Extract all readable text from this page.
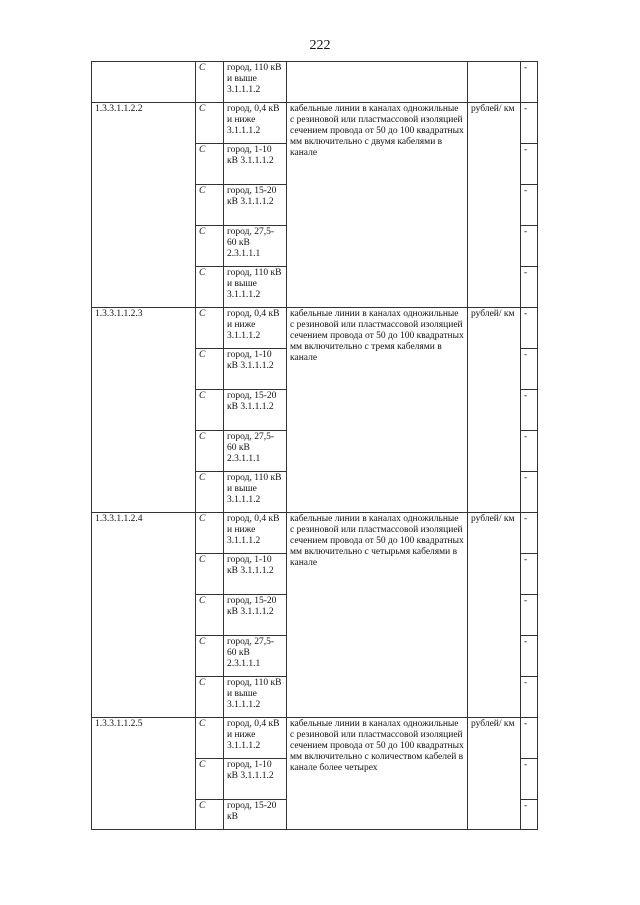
222
	C	город, 110 кВ и выше 3.1.1.1.2			-
1.3.3.1.1.2.2	C	город, 0,4 кВ и ниже 3.1.1.1.2	кабельные линии в каналах одножильные с резиновой или пластмассовой изоляцией сечением провода от 50 до 100 квадратных мм включительно с двумя кабелями в канале	рублей/ км	-
	C	город, 1-10 кВ 3.1.1.1.2			-
	C	город, 15-20 кВ 3.1.1.1.2			-
	C	город, 27,5-60 кВ 2.3.1.1.1			-
	C	город, 110 кВ и выше 3.1.1.1.2			-
1.3.3.1.1.2.3	C	город, 0,4 кВ и ниже 3.1.1.1.2	кабельные линии в каналах одножильные с резиновой или пластмассовой изоляцией сечением провода от 50 до 100 квадратных мм включительно с тремя кабелями в канале	рублей/ км	-
	C	город, 1-10 кВ 3.1.1.1.2			-
	C	город, 15-20 кВ 3.1.1.1.2			-
	C	город, 27,5-60 кВ 2.3.1.1.1			-
	C	город, 110 кВ и выше 3.1.1.1.2			-
1.3.3.1.1.2.4	C	город, 0,4 кВ и ниже 3.1.1.1.2	кабельные линии в каналах одножильные с резиновой или пластмассовой изоляцией сечением провода от 50 до 100 квадратных мм включительно с четырьмя кабелями в канале	рублей/ км	-
	C	город, 1-10 кВ 3.1.1.1.2			-
	C	город, 15-20 кВ 3.1.1.1.2			-
	C	город, 27,5-60 кВ 2.3.1.1.1			-
	C	город, 110 кВ и выше 3.1.1.1.2			-
1.3.3.1.1.2.5	C	город, 0,4 кВ и ниже 3.1.1.1.2	кабельные линии в каналах одножильные с резиновой или пластмассовой изоляцией сечением провода от 50 до 100 квадратных мм включительно с количеством кабелей в канале более четырех	рублей/ км	-
	C	город, 1-10 кВ 3.1.1.1.2			-
	C	город, 15-20 кВ			-
